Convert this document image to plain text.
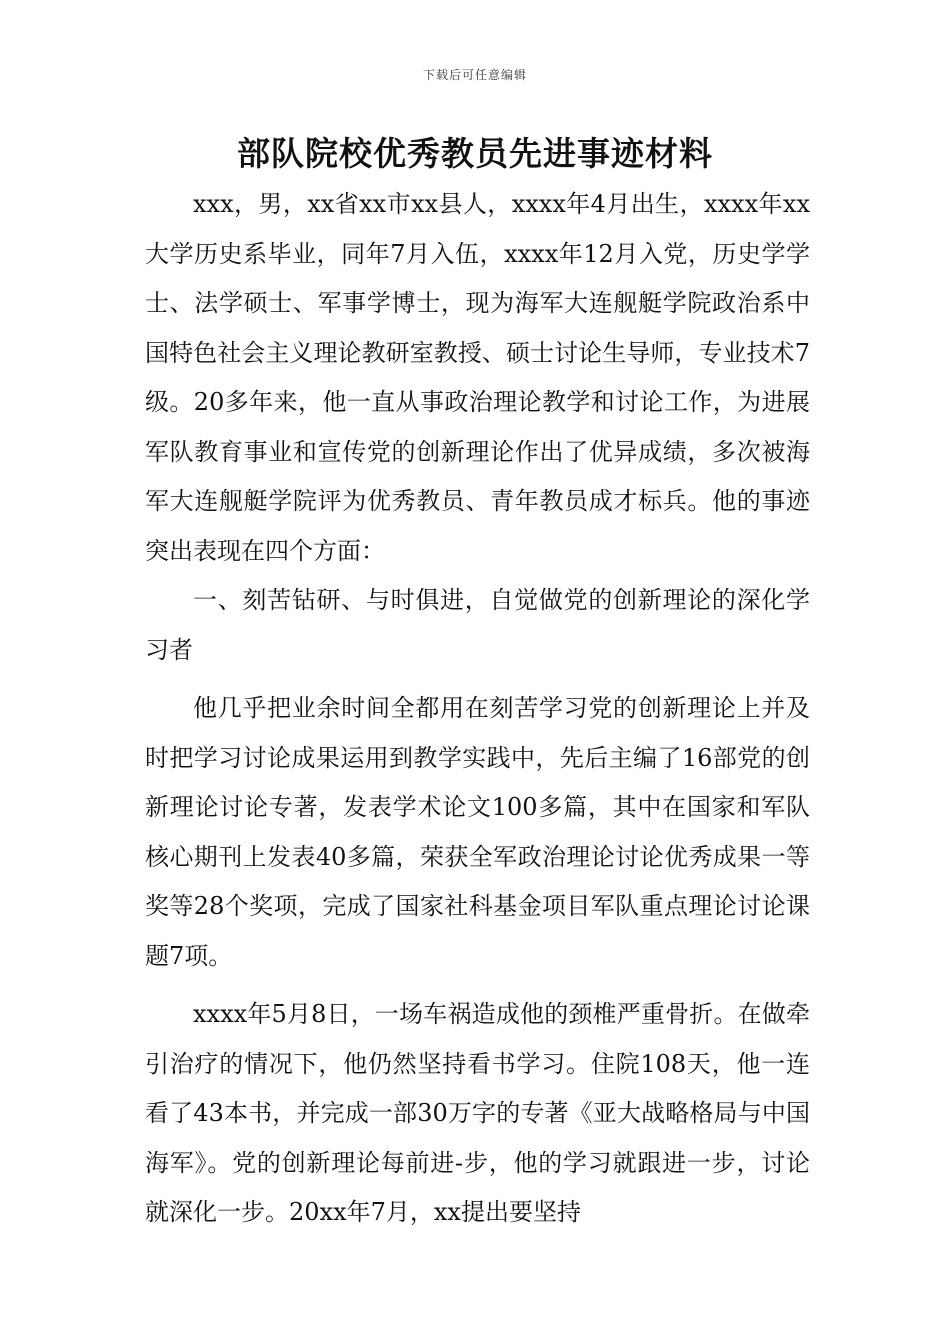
下载后可任意编辑
部队院校优秀教员先进事迹材料

xxx，男，xx省xx市xx县人，xxxx年4月出生，xxxx年xx大学历史系毕业，同年7月入伍，xxxx年12月入党，历史学学士、法学硕士、军事学博士，现为海军大连舰艇学院政治系中国特色社会主义理论教研室教授、硕士讨论生导师，专业技术7级。20多年来，他一直从事政治理论教学和讨论工作，为进展军队教育事业和宣传党的创新理论作出了优异成绩，多次被海军大连舰艇学院评为优秀教员、青年教员成才标兵。他的事迹突出表现在四个方面：

一、刻苦钻研、与时俱进，自觉做党的创新理论的深化学习者

他几乎把业余时间全都用在刻苦学习党的创新理论上并及时把学习讨论成果运用到教学实践中，先后主编了16部党的创新理论讨论专著，发表学术论文100多篇，其中在国家和军队核心期刊上发表40多篇，荣获全军政治理论讨论优秀成果一等奖等28个奖项，完成了国家社科基金项目军队重点理论讨论课题7项。

xxxx年5月8日，一场车祸造成他的颈椎严重骨折。在做牵引治疗的情况下，他仍然坚持看书学习。住院108天，他一连看了43本书，并完成一部30万字的专著《亚大战略格局与中国海军》。党的创新理论每前进-步，他的学习就跟进一步，讨论就深化一步。20xx年7月，xx提出要坚持
